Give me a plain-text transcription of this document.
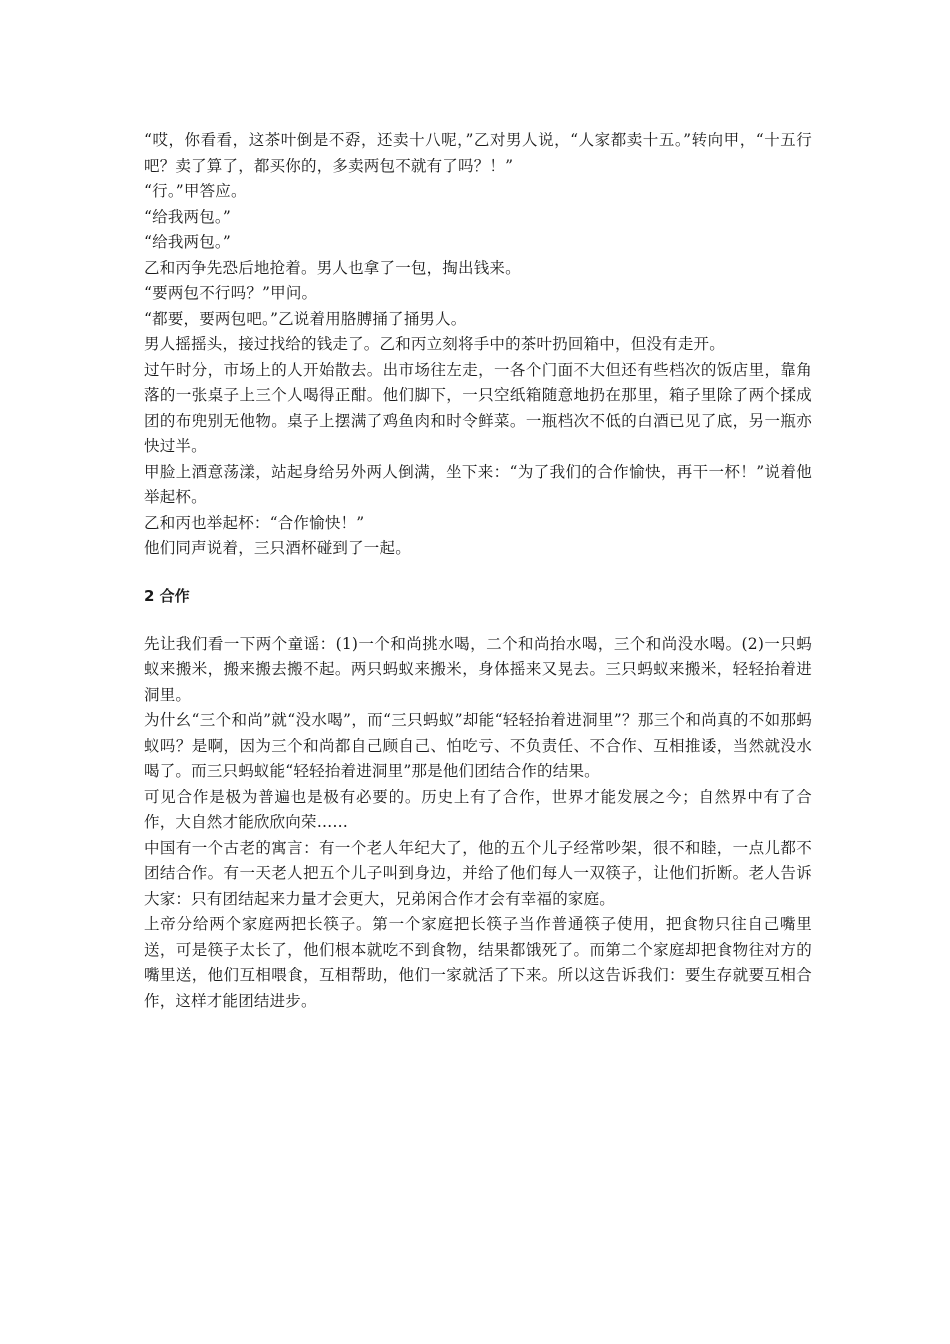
“哎，你看看，这茶叶倒是不孬，还卖十八呢，”乙对男人说，“人家都卖十五。”转向甲，“十五行吧？卖了算了，都买你的，多卖两包不就有了吗？！”

“行。”甲答应。

“给我两包。”

“给我两包。”

乙和丙争先恐后地抢着。男人也拿了一包，掏出钱来。

“要两包不行吗？”甲问。

“都要，要两包吧。”乙说着用胳膊捅了捅男人。

男人摇摇头，接过找给的钱走了。乙和丙立刻将手中的茶叶扔回箱中，但没有走开。

过午时分，市场上的人开始散去。出市场往左走，一各个门面不大但还有些档次的饭店里，靠角落的一张桌子上三个人喝得正酣。他们脚下，一只空纸箱随意地扔在那里，箱子里除了两个揉成团的布兜别无他物。桌子上摆满了鸡鱼肉和时令鲜菜。一瓶档次不低的白酒已见了底，另一瓶亦快过半。

甲脸上酒意荡漾，站起身给另外两人倒满，坐下来：“为了我们的合作愉快，再干一杯！”说着他举起杯。

乙和丙也举起杯：“合作愉快！”

他们同声说着，三只酒杯碰到了一起。

2 合作

先让我们看一下两个童谣：(1)一个和尚挑水喝，二个和尚抬水喝，三个和尚没水喝。(2)一只蚂蚁来搬米，搬来搬去搬不起。两只蚂蚁来搬米，身体摇来又晃去。三只蚂蚁来搬米，轻轻抬着进洞里。

为什幺“三个和尚”就“没水喝”，而“三只蚂蚁”却能“轻轻抬着进洞里”？那三个和尚真的不如那蚂蚁吗？是啊，因为三个和尚都自己顾自己、怕吃亏、不负责任、不合作、互相推诿，当然就没水喝了。而三只蚂蚁能“轻轻抬着进洞里”那是他们团结合作的结果。

可见合作是极为普遍也是极有必要的。历史上有了合作，世界才能发展之今；自然界中有了合作，大自然才能欣欣向荣……

中国有一个古老的寓言：有一个老人年纪大了，他的五个儿子经常吵架，很不和睦，一点儿都不团结合作。有一天老人把五个儿子叫到身边，并给了他们每人一双筷子，让他们折断。老人告诉大家：只有团结起来力量才会更大，兄弟闲合作才会有幸福的家庭。

上帝分给两个家庭两把长筷子。第一个家庭把长筷子当作普通筷子使用，把食物只往自己嘴里送，可是筷子太长了，他们根本就吃不到食物，结果都饿死了。而第二个家庭却把食物往对方的嘴里送，他们互相喂食，互相帮助，他们一家就活了下来。所以这告诉我们：要生存就要互相合作，这样才能团结进步。
